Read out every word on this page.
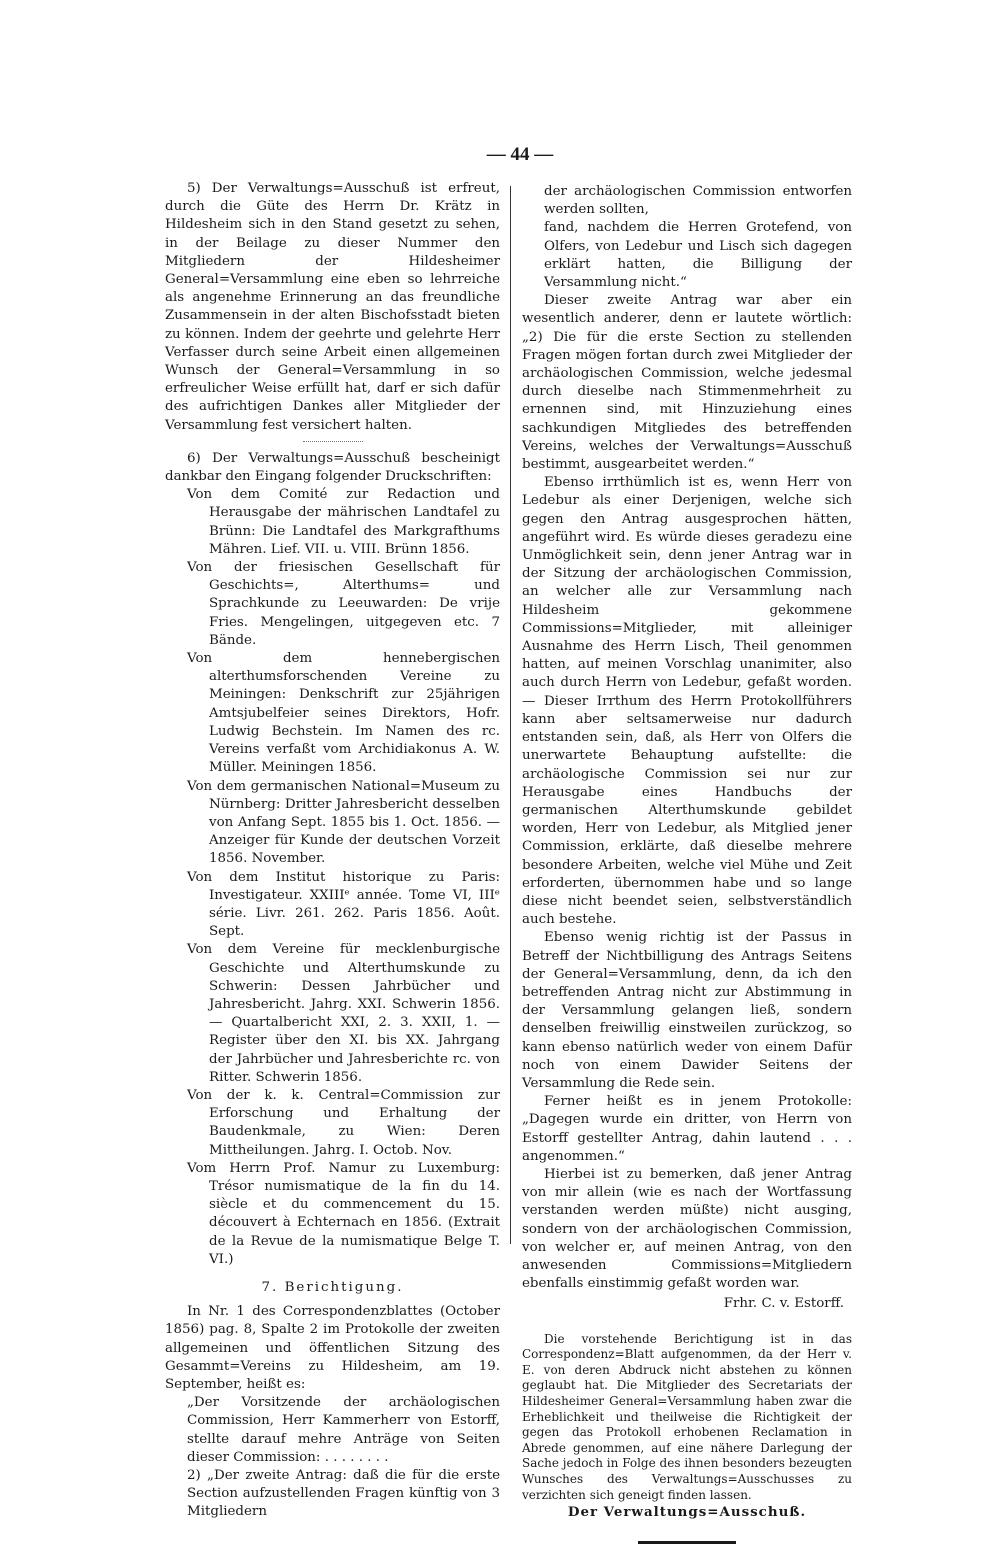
— 44 —

5) Der Verwaltungs=Ausschuß ist erfreut, durch die Güte des Herrn Dr. Krätz in Hildesheim sich in den Stand gesetzt zu sehen, in der Beilage zu dieser Nummer den Mitgliedern der Hildesheimer General=Versammlung eine eben so lehrreiche als angenehme Erinnerung an das freundliche Zusammensein in der alten Bischofsstadt bieten zu können. Indem der geehrte und gelehrte Herr Verfasser durch seine Arbeit einen allgemeinen Wunsch der General=Versammlung in so erfreulicher Weise erfüllt hat, darf er sich dafür des aufrichtigen Dankes aller Mitglieder der Versammlung fest versichert halten.

6) Der Verwaltungs=Ausschuß bescheinigt dankbar den Eingang folgender Druckschriften:

Von dem Comité zur Redaction und Herausgabe der mährischen Landtafel zu Brünn: Die Landtafel des Markgrafthums Mähren. Lief. VII. u. VIII. Brünn 1856.

Von der friesischen Gesellschaft für Geschichts=, Alterthums= und Sprachkunde zu Leeuwarden: De vrije Fries. Mengelingen, uitgegeven etc. 7 Bände.

Von dem hennebergischen alterthumsforschenden Vereine zu Meiningen: Denkschrift zur 25jährigen Amtsjubelfeier seines Direktors, Hofr. Ludwig Bechstein. Im Namen des rc. Vereins verfaßt vom Archidiakonus A. W. Müller. Meiningen 1856.

Von dem germanischen National=Museum zu Nürnberg: Dritter Jahresbericht desselben von Anfang Sept. 1855 bis 1. Oct. 1856. — Anzeiger für Kunde der deutschen Vorzeit 1856. November.

Von dem Institut historique zu Paris: Investigateur. XXIIIᵉ année. Tome VI, IIIᵉ série. Livr. 261. 262. Paris 1856. Août. Sept.

Von dem Vereine für mecklenburgische Geschichte und Alterthumskunde zu Schwerin: Dessen Jahrbücher und Jahresbericht. Jahrg. XXI. Schwerin 1856. — Quartalbericht XXI, 2. 3. XXII, 1. — Register über den XI. bis XX. Jahrgang der Jahrbücher und Jahresberichte rc. von Ritter. Schwerin 1856.

Von der k. k. Central=Commission zur Erforschung und Erhaltung der Baudenkmale, zu Wien: Deren Mittheilungen. Jahrg. I. Octob. Nov.

Vom Herrn Prof. Namur zu Luxemburg: Trésor numismatique de la fin du 14. siècle et du commencement du 15. découvert à Echternach en 1856. (Extrait de la Revue de la numismatique Belge T. VI.)

7. Berichtigung.

In Nr. 1 des Correspondenzblattes (October 1856) pag. 8, Spalte 2 im Protokolle der zweiten allgemeinen und öffentlichen Sitzung des Gesammt=Vereins zu Hildesheim, am 19. September, heißt es:

„Der Vorsitzende der archäologischen Commission, Herr Kammerherr von Estorff, stellte darauf mehre Anträge von Seiten dieser Commission: . . . . . . . .

2) „Der zweite Antrag: daß die für die erste Section aufzustellenden Fragen künftig von 3 Mitgliedern

der archäologischen Commission entworfen werden sollten,

fand, nachdem die Herren Grotefend, von Olfers, von Ledebur und Lisch sich dagegen erklärt hatten, die Billigung der Versammlung nicht.“

Dieser zweite Antrag war aber ein wesentlich anderer, denn er lautete wörtlich: „2) Die für die erste Section zu stellenden Fragen mögen fortan durch zwei Mitglieder der archäologischen Commission, welche jedesmal durch dieselbe nach Stimmenmehrheit zu ernennen sind, mit Hinzuziehung eines sachkundigen Mitgliedes des betreffenden Vereins, welches der Verwaltungs=Ausschuß bestimmt, ausgearbeitet werden.“

Ebenso irrthümlich ist es, wenn Herr von Ledebur als einer Derjenigen, welche sich gegen den Antrag ausgesprochen hätten, angeführt wird. Es würde dieses geradezu eine Unmöglichkeit sein, denn jener Antrag war in der Sitzung der archäologischen Commission, an welcher alle zur Versammlung nach Hildesheim gekommene Commissions=Mitglieder, mit alleiniger Ausnahme des Herrn Lisch, Theil genommen hatten, auf meinen Vorschlag unanimiter, also auch durch Herrn von Ledebur, gefaßt worden. — Dieser Irrthum des Herrn Protokollführers kann aber seltsamerweise nur dadurch entstanden sein, daß, als Herr von Olfers die unerwartete Behauptung aufstellte: die archäologische Commission sei nur zur Herausgabe eines Handbuchs der germanischen Alterthumskunde gebildet worden, Herr von Ledebur, als Mitglied jener Commission, erklärte, daß dieselbe mehrere besondere Arbeiten, welche viel Mühe und Zeit erforderten, übernommen habe und so lange diese nicht beendet seien, selbstverständlich auch bestehe.

Ebenso wenig richtig ist der Passus in Betreff der Nichtbilligung des Antrags Seitens der General=Versammlung, denn, da ich den betreffenden Antrag nicht zur Abstimmung in der Versammlung gelangen ließ, sondern denselben freiwillig einstweilen zurückzog, so kann ebenso natürlich weder von einem Dafür noch von einem Dawider Seitens der Versammlung die Rede sein.

Ferner heißt es in jenem Protokolle: „Dagegen wurde ein dritter, von Herrn von Estorff gestellter Antrag, dahin lautend . . . angenommen.“

Hierbei ist zu bemerken, daß jener Antrag von mir allein (wie es nach der Wortfassung verstanden werden müßte) nicht ausging, sondern von der archäologischen Commission, von welcher er, auf meinen Antrag, von den anwesenden Commissions=Mitgliedern ebenfalls einstimmig gefaßt worden war.

Frhr. C. v. Estorff.

Die vorstehende Berichtigung ist in das Correspondenz=Blatt aufgenommen, da der Herr v. E. von deren Abdruck nicht abstehen zu können geglaubt hat. Die Mitglieder des Secretariats der Hildesheimer General=Versammlung haben zwar die Erheblichkeit und theilweise die Richtigkeit der gegen das Protokoll erhobenen Reclamation in Abrede genommen, auf eine nähere Darlegung der Sache jedoch in Folge des ihnen besonders bezeugten Wunsches des Verwaltungs=Ausschusses zu verzichten sich geneigt finden lassen.

Der Verwaltungs=Ausschuß.
